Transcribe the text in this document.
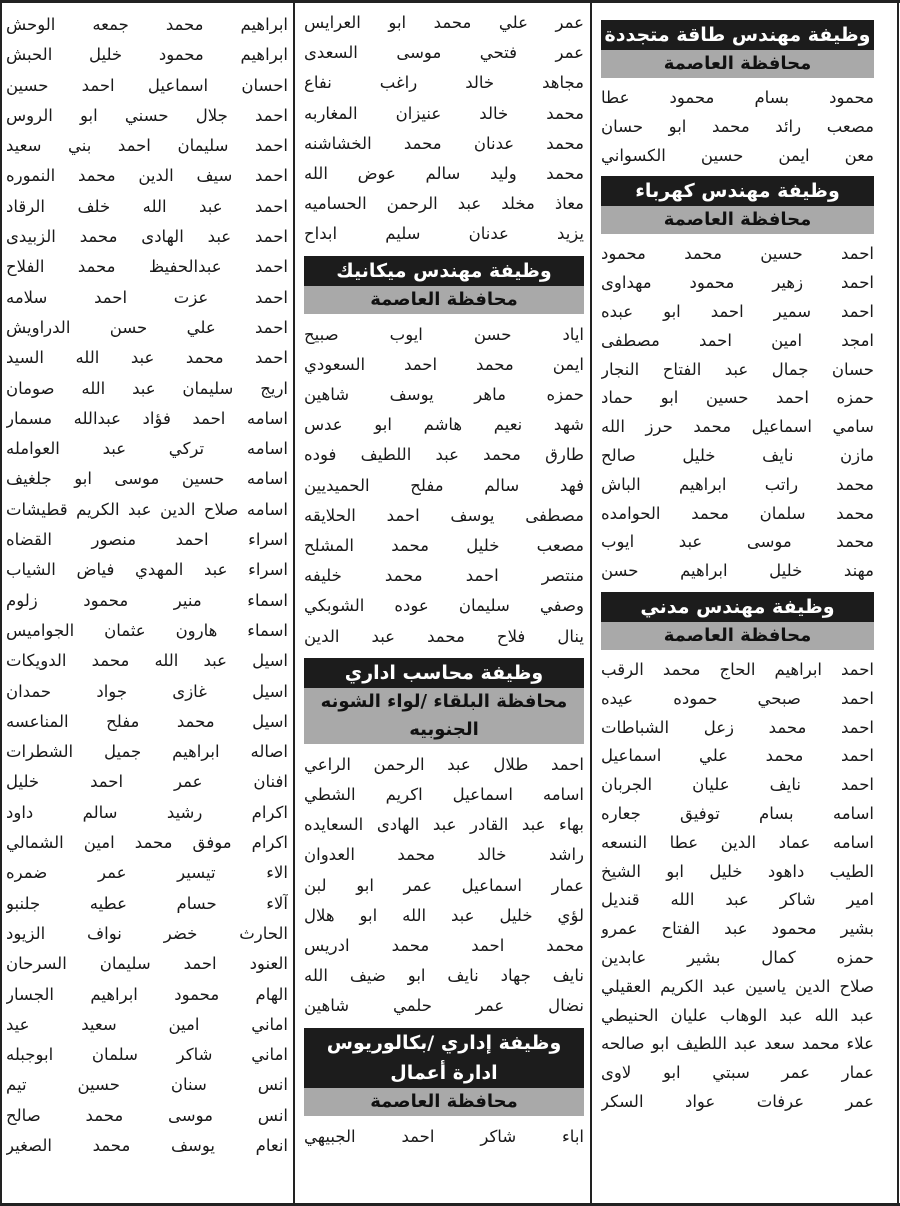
وظيفة مهندس طاقة متجددة
محافظة العاصمة
محمود بسام محمود عطا
مصعب رائد محمد ابو حسان
معن ايمن حسين الكسواني
وظيفة مهندس كهرباء
محافظة العاصمة
احمد حسين محمد محمود
احمد زهير محمود مهداوى
احمد سمير احمد ابو عبده
امجد امين احمد مصطفى
حسان جمال عبد الفتاح النجار
حمزه احمد حسين ابو حماد
سامي اسماعيل محمد حرز الله
مازن نايف خليل صالح
محمد راتب ابراهيم الباش
محمد سلمان محمد الحوامده
محمد موسى عبد ايوب
مهند خليل ابراهيم حسن
وظيفة مهندس مدني
محافظة العاصمة
احمد ابراهيم الحاج محمد الرقب
احمد صبحي حموده عيده
احمد محمد زعل الشباطات
احمد محمد علي اسماعيل
احمد نايف عليان الجربان
اسامه بسام توفيق جعاره
اسامه عماد الدين عطا النسعه
الطيب داهود خليل ابو الشيخ
امير شاكر عبد الله قنديل
بشير محمود عبد الفتاح عمرو
حمزه كمال بشير عابدين
صلاح الدين ياسين عبد الكريم العقيلي
عبد الله عبد الوهاب عليان الحنيطي
علاء محمد سعد عبد اللطيف ابو صالحه
عمار عمر سبتي ابو لاوى
عمر عرفات عواد السكر
عمر علي محمد ابو العرايس
عمر فتحي موسى السعدى
مجاهد خالد راغب نفاع
محمد خالد عنيزان المغاربه
محمد عدنان محمد الخشاشنه
محمد وليد سالم عوض الله
معاذ مخلد عبد الرحمن الحساميه
يزيد عدنان سليم ابداح
وظيفة مهندس ميكانيك
محافظة العاصمة
اياد حسن ايوب صبيح
ايمن محمد احمد السعودي
حمزه ماهر يوسف شاهين
شهد نعيم هاشم ابو عدس
طارق محمد عبد اللطيف فوده
فهد سالم مفلح الحميديين
مصطفى يوسف احمد الحلايقه
مصعب خليل محمد المشلح
منتصر احمد محمد خليفه
وصفي سليمان عوده الشوبكي
ينال فلاح محمد عبد الدين
وظيفة محاسب اداري
محافظة البلقاء /لواء الشونه الجنوبيه
احمد طلال عبد الرحمن الراعي
اسامه اسماعيل اكريم الشطي
بهاء عبد القادر عبد الهادى السعايده
راشد خالد محمد العدوان
عمار اسماعيل عمر ابو لبن
لؤي خليل عبد الله ابو هلال
محمد احمد محمد ادريس
نايف جهاد نايف ابو ضيف الله
نضال عمر حلمي شاهين
وظيفة إداري /بكالوريوس ادارة أعمال
محافظة العاصمة
اباء شاكر احمد الجبيهي
ابراهيم محمد جمعه الوحش
ابراهيم محمود خليل الحبش
احسان اسماعيل احمد حسين
احمد جلال حسني ابو الروس
احمد سليمان احمد بني سعيد
احمد سيف الدين محمد النموره
احمد عبد الله خلف الرقاد
احمد عبد الهادى محمد الزبيدى
احمد عبدالحفيظ محمد الفلاح
احمد عزت احمد سلامه
احمد علي حسن الدراويش
احمد محمد عبد الله السيد
اريج سليمان عبد الله صومان
اسامه احمد فؤاد عبدالله مسمار
اسامه تركي عبد العوامله
اسامه حسين موسى ابو جلغيف
اسامه صلاح الدين عبد الكريم قطيشات
اسراء احمد منصور القضاه
اسراء عبد المهدي فياض الشياب
اسماء منير محمود زلوم
اسماء هارون عثمان الجواميس
اسيل عبد الله محمد الدويكات
اسيل غازى جواد حمدان
اسيل محمد مفلح المناعسه
اصاله ابراهيم جميل الشطرات
افنان عمر احمد خليل
اكرام رشيد سالم داود
اكرام موفق محمد امين الشمالي
الاء تيسير عمر ضمره
آلاء حسام عطيه جلنبو
الحارث خضر نواف الزيود
العنود احمد سليمان السرحان
الهام محمود ابراهيم الجسار
اماني امين سعيد عيد
اماني شاكر سلمان ابوجبله
انس سنان حسين تيم
انس موسى محمد صالح
انعام يوسف محمد الصغير
